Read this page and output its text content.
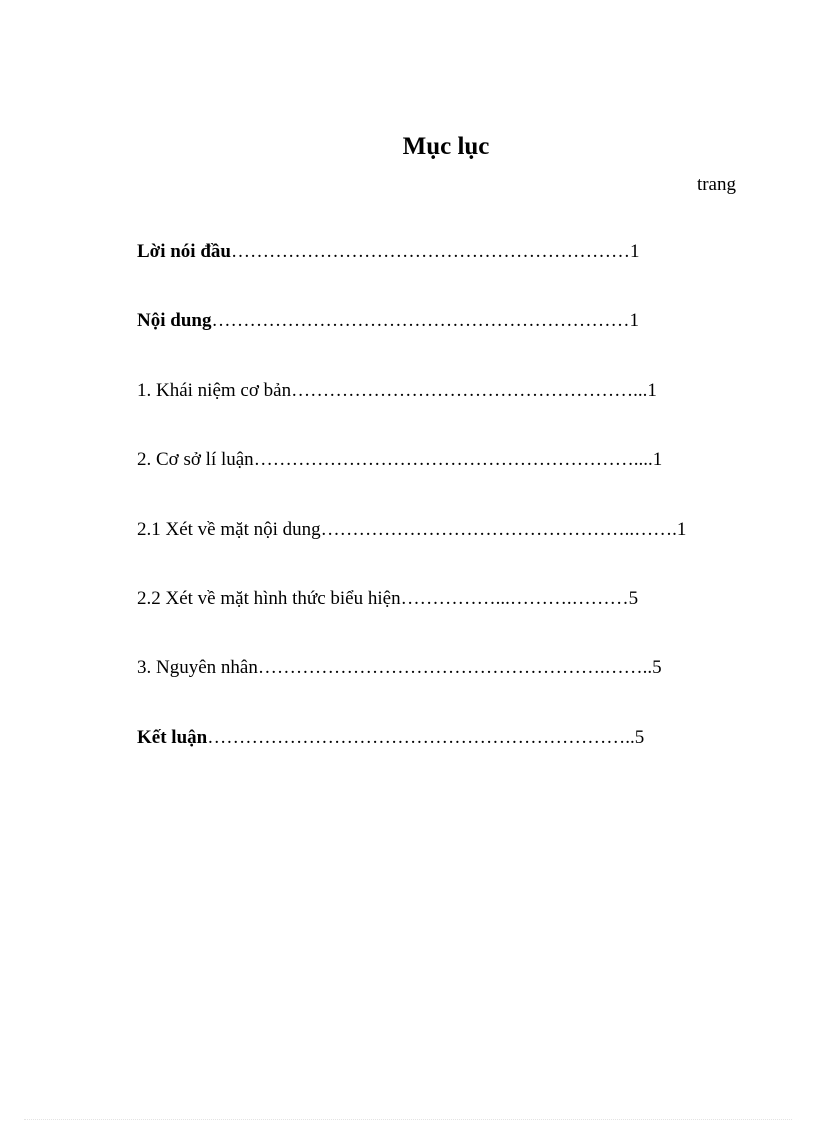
Mục lục

trang

Lời nói đầu………………………………………………………1
Nội dung…………………………………………………………1
1. Khái niệm cơ bản………………………………………………...1
2. Cơ sở lí luận……………………………………………………....1
2.1 Xét về mặt nội dung…………………………………………..…….1
2.2 Xét về mặt hình thức biểu hiện……………...……….………5
3. Nguyên nhân……………………………………………….……..5
Kết luận…………………………………………………………..5
